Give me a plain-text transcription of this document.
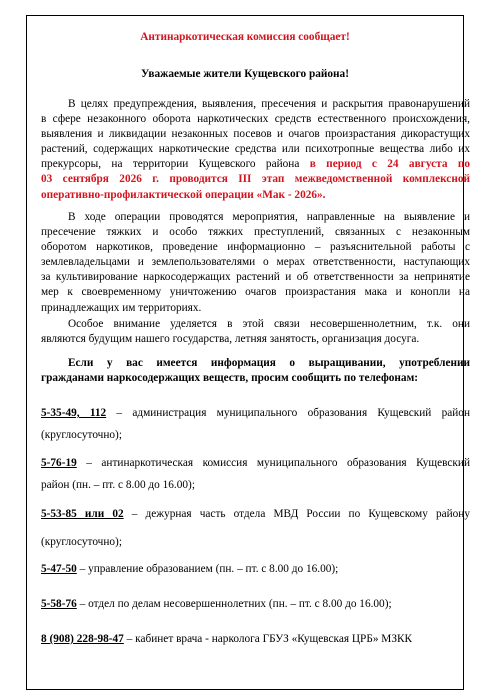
Антинаркотическая комиссия сообщает!
Уважаемые жители Кущевского района!
В целях предупреждения, выявления, пресечения и раскрытия правонарушений
в сфере незаконного оборота наркотических средств естественного происхождения,
выявления и ликвидации незаконных посевов и очагов произрастания дикорастущих
растений, содержащих наркотические средства или психотропные вещества либо их
прекурсоры, на территории Кущевского района в период с 24 августа по
03 сентября 2026 г. проводится III этап межведомственной комплексной
оперативно-профилактической операции «Мак - 2026».
В ходе операции проводятся мероприятия, направленные на выявление и
пресечение тяжких и особо тяжких преступлений, связанных с незаконным
оборотом наркотиков, проведение информационно – разъяснительной работы с
землевладельцами и землепользователями о мерах ответственности, наступающих
за культивирование наркосодержащих растений и об ответственности за непринятие
мер к своевременному уничтожению очагов произрастания мака и конопли на
принадлежащих им территориях.
Особое внимание уделяется в этой связи несовершеннолетним, т.к. они
являются будущим нашего государства, летняя занятость, организация досуга.
Если у вас имеется информация о выращивании, употреблении
гражданами наркосодержащих веществ, просим сообщить по телефонам:
5-35-49, 112 – администрация муниципального образования Кущевский район
(круглосуточно);
5-76-19 – антинаркотическая комиссия муниципального образования Кущевский
район (пн. – пт. с 8.00 до 16.00);
5-53-85 или 02 – дежурная часть отдела МВД России по Кущевскому району
(круглосуточно);
5-47-50 – управление образованием (пн. – пт. с 8.00 до 16.00);
5-58-76 – отдел по делам несовершеннолетних (пн. – пт. с 8.00 до 16.00);
8 (908) 228-98-47 – кабинет врача - нарколога ГБУЗ «Кущевская ЦРБ» МЗКК
